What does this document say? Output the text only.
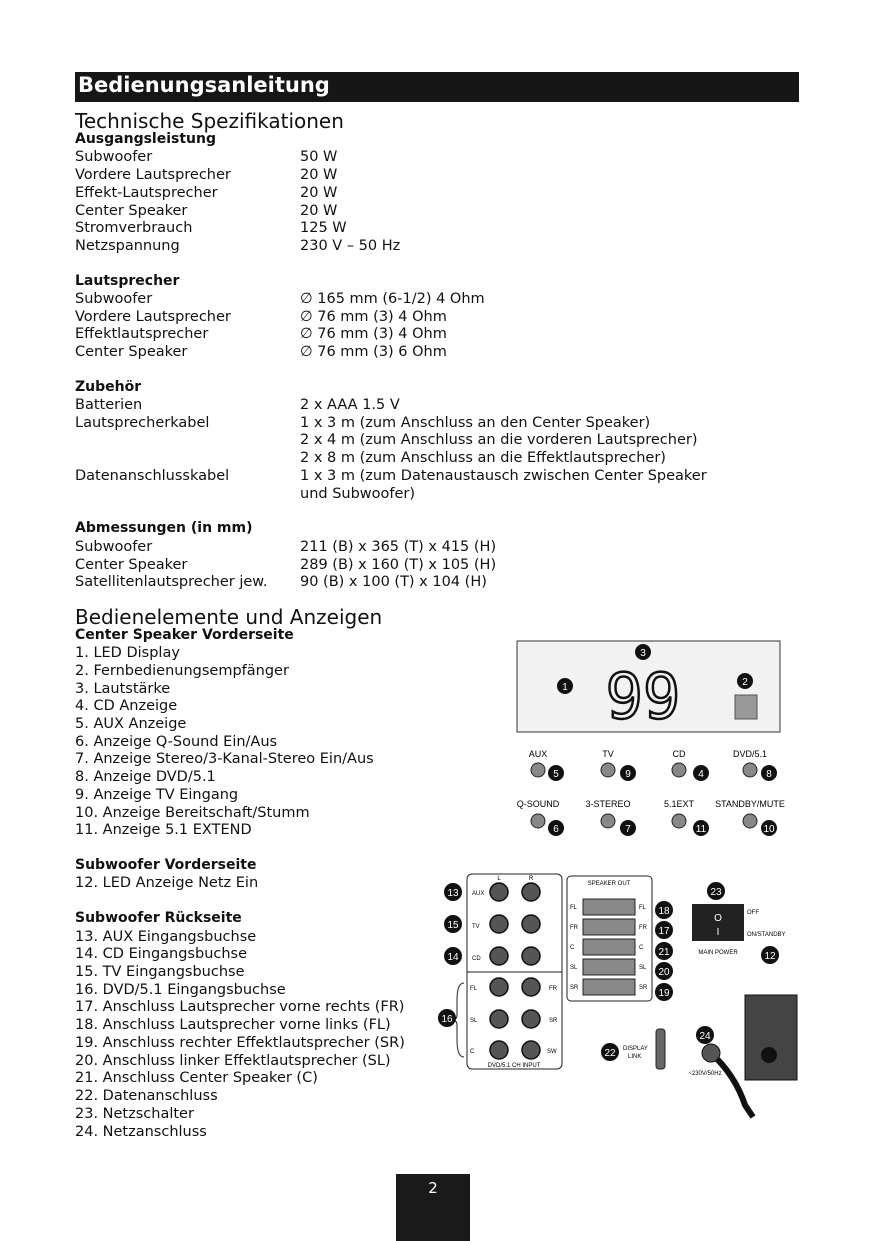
Bedienungsanleitung
Technische Spezifikationen
Ausgangsleistung
Subwoofer	50 W
Vordere Lautsprecher	20 W
Effekt-Lautsprecher	20 W
Center Speaker	20 W
Stromverbrauch	125 W
Netzspannung	230 V – 50 Hz
Lautsprecher
Subwoofer	∅ 165 mm (6-1/2) 4 Ohm
Vordere Lautsprecher	∅ 76 mm (3) 4 Ohm
Effektlautsprecher	∅ 76 mm (3) 4 Ohm
Center Speaker	∅ 76 mm (3) 6 Ohm
Zubehör
Batterien	2 x AAA 1.5 V
Lautsprecherkabel	1 x 3 m (zum Anschluss an den Center Speaker)
2 x 4 m (zum Anschluss an die vorderen Lautsprecher)
2 x 8 m (zum Anschluss an die Effektlautsprecher)
Datenanschlusskabel	1 x 3 m (zum Datenaustausch zwischen Center Speaker
und Subwoofer)
Abmessungen (in mm)
Subwoofer	211 (B) x 365 (T) x 415 (H)
Center Speaker	289 (B) x 160 (T) x 105 (H)
Satellitenlautsprecher jew. 90 (B) x 100 (T) x 104 (H)
Bedienelemente und Anzeigen
Center Speaker Vorderseite
1. LED Display
2. Fernbedienungsempfänger
3. Lautstärke
4. CD Anzeige
5. AUX Anzeige
6. Anzeige Q-Sound Ein/Aus
7. Anzeige Stereo/3-Kanal-Stereo Ein/Aus
8. Anzeige DVD/5.1
9. Anzeige TV Eingang
10. Anzeige Bereitschaft/Stumm
11. Anzeige 5.1 EXTEND
Subwoofer Vorderseite
12. LED Anzeige Netz Ein
Subwoofer Rückseite
13. AUX Eingangsbuchse
14. CD Eingangsbuchse
15. TV Eingangsbuchse
16. DVD/5.1 Eingangsbuchse
17. Anschluss Lautsprecher vorne rechts (FR)
18. Anschluss Lautsprecher vorne links (FL)
19. Anschluss rechter Effektlautsprecher (SR)
20. Anschluss linker Effektlautsprecher (SL)
21. Anschluss Center Speaker (C)
22. Datenanschluss
23. Netzschalter
24. Netzanschluss
99
1	2
3
AUX	TV	CD	DVD/5.1
5	9	4	8
Q-SOUND	3-STEREO	5.1EXT STANDBY/MUTE
6	7	11	10
L	R
AUX
TV
CD
FL	FR
SL	SR
C	SW
DVD/5.1 CH INPUT
SPEAKER OUT
FL	FL
FR	FR
C	C
SL	SL
SR	SR
DISPLAY
LINK
O
I
OFF
ON/STANDBY
MAIN POWER
~230V/50Hz
13
15
14
16
18
17
21
20
19
22
23
12
24
2
